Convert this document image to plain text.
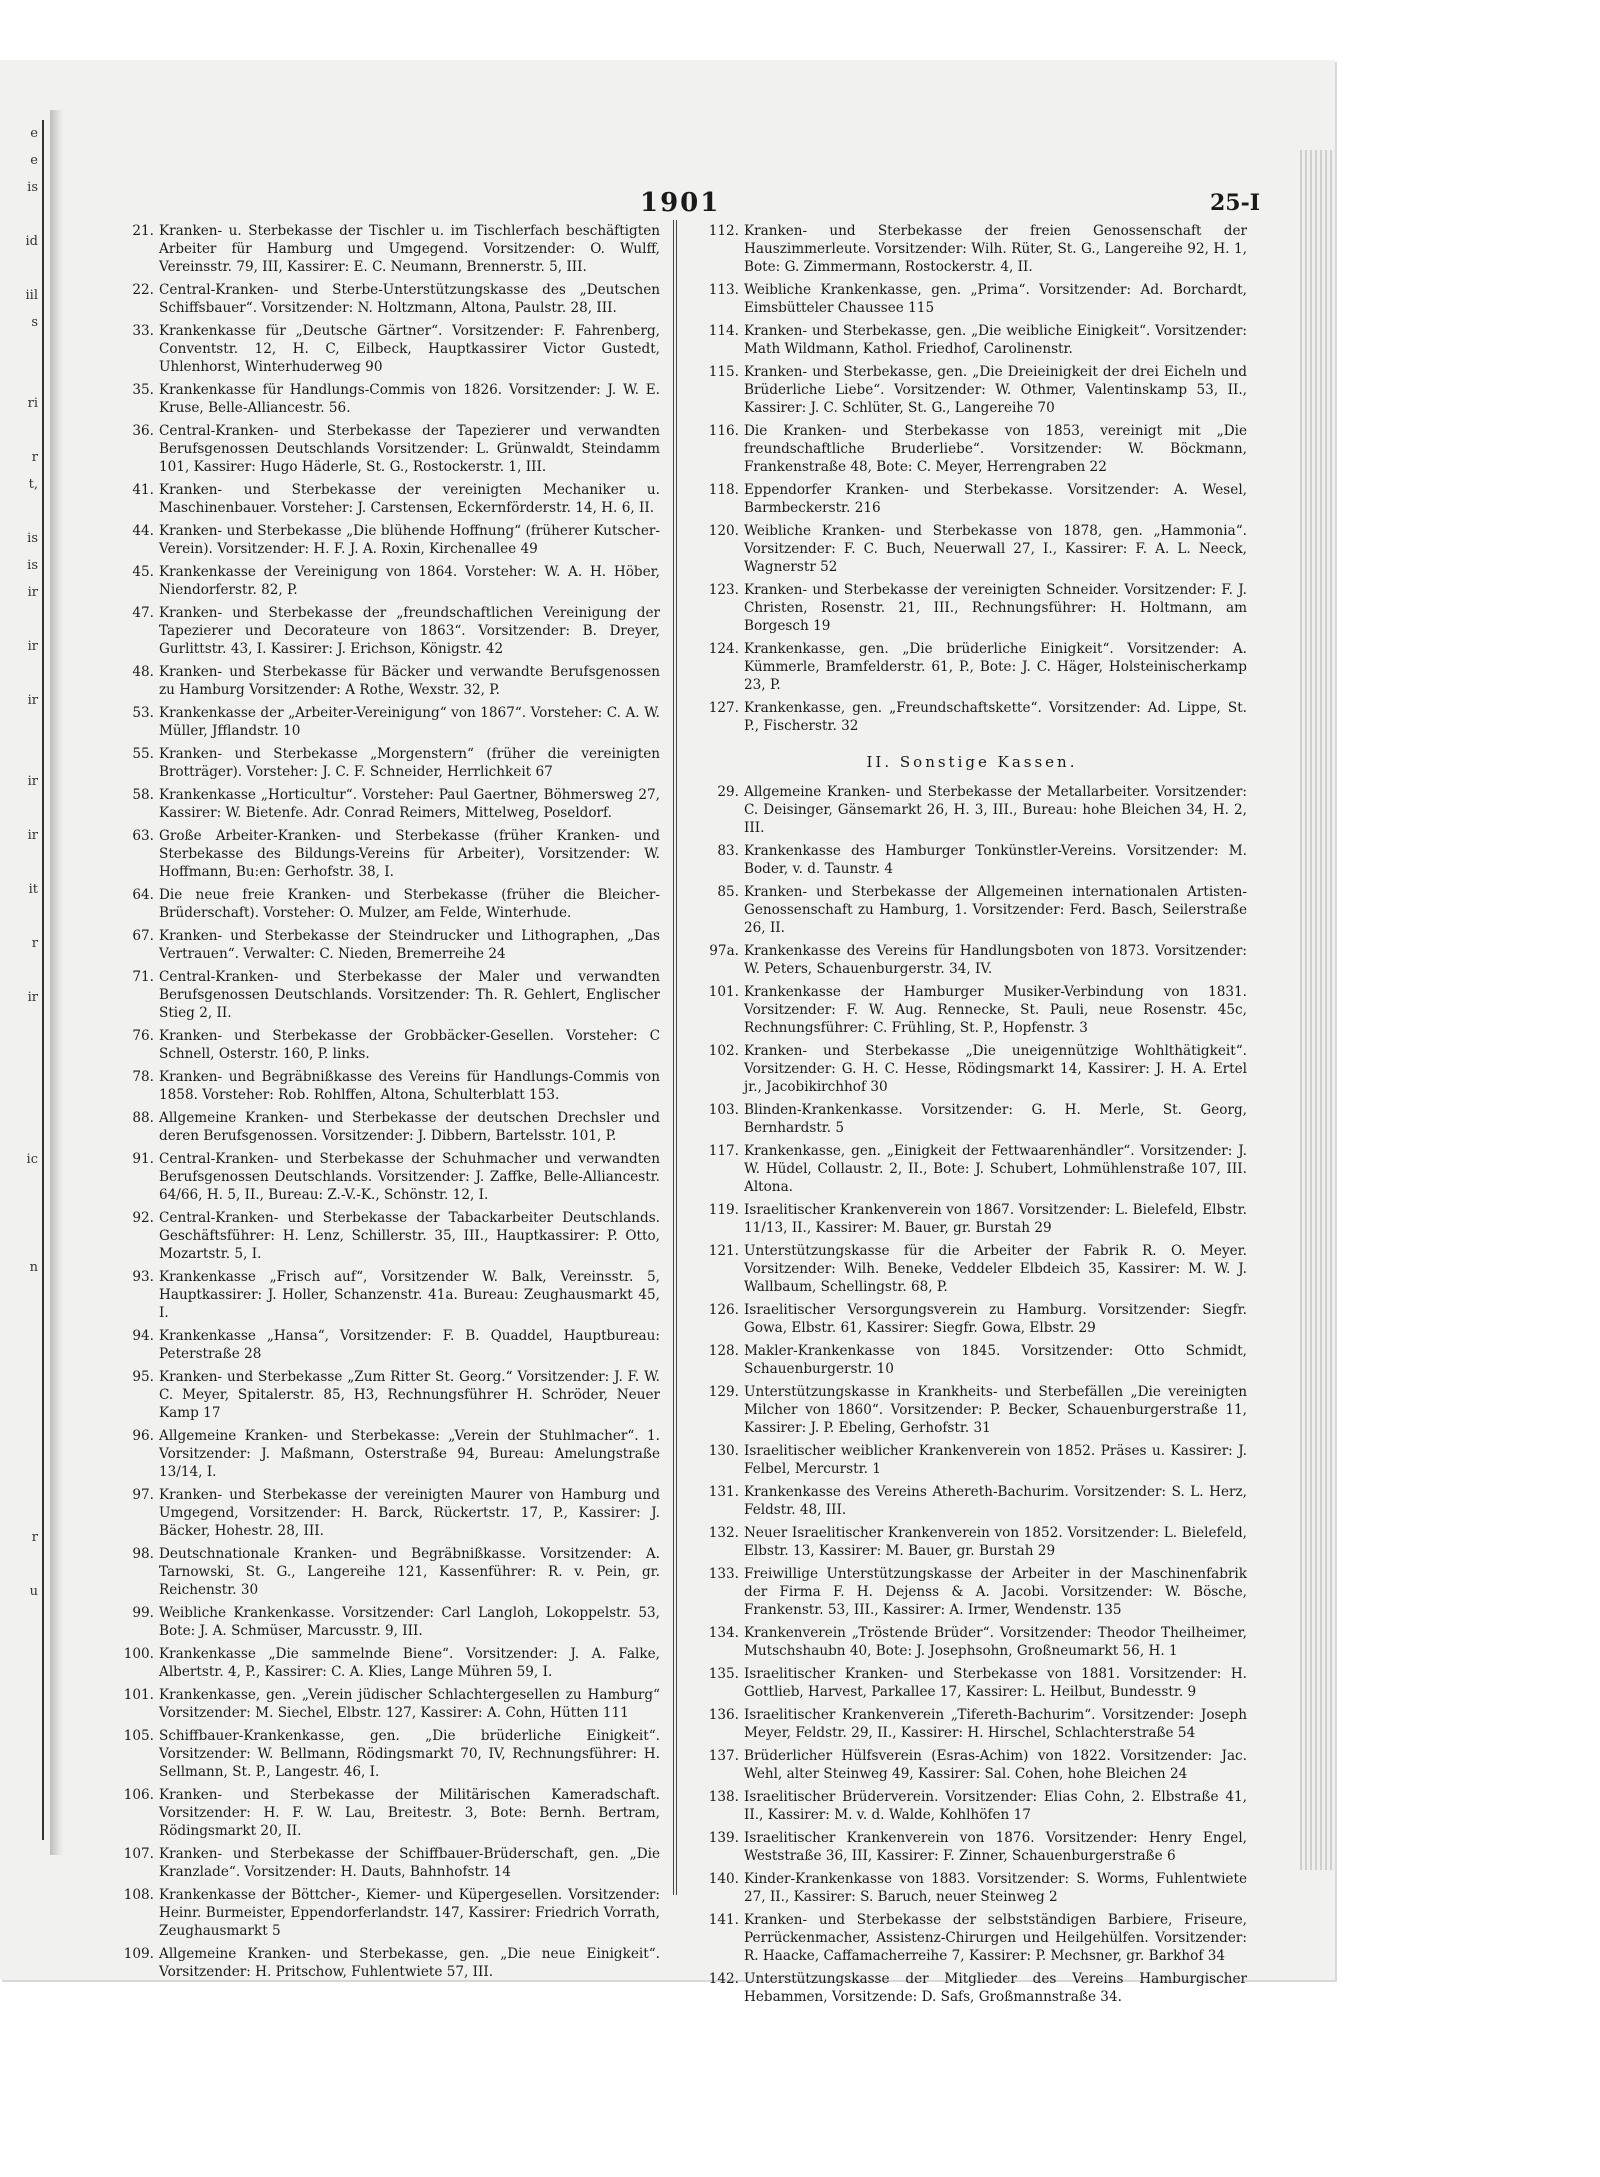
e
e
is
id
iil
s
ri
r
t,
is
is
ir
ir
ir
ir
ir
it
r
ir
ic
n
r
u
1901	25-I
21. Kranken- u. Sterbekasse der Tischler u. im Tischlerfach beschäftigten Arbeiter für Hamburg und Umgegend. Vorsitzender: O. Wulff, Vereinsstr. 79, III, Kassirer: E. C. Neumann, Brennerstr. 5, III.
22. Central-Kranken- und Sterbe-Unterstützungskasse des „Deutschen Schiffsbauer“. Vorsitzender: N. Holtzmann, Altona, Paulstr. 28, III.
33. Krankenkasse für „Deutsche Gärtner“. Vorsitzender: F. Fahrenberg, Conventstr. 12, H. C, Eilbeck, Hauptkassirer Victor Gustedt, Uhlenhorst, Winterhuderweg 90
35. Krankenkasse für Handlungs-Commis von 1826. Vorsitzender: J. W. E. Kruse, Belle-Alliancestr. 56.
36. Central-Kranken- und Sterbekasse der Tapezierer und verwandten Berufsgenossen Deutschlands Vorsitzender: L. Grünwaldt, Steindamm 101, Kassirer: Hugo Häderle, St. G., Rostockerstr. 1, III.
41. Kranken- und Sterbekasse der vereinigten Mechaniker u. Maschinenbauer. Vorsteher: J. Carstensen, Eckernförderstr. 14, H. 6, II.
44. Kranken- und Sterbekasse „Die blühende Hoffnung“ (früherer Kutscher-Verein). Vorsitzender: H. F. J. A. Roxin, Kirchenallee 49
45. Krankenkasse der Vereinigung von 1864. Vorsteher: W. A. H. Höber, Niendorferstr. 82, P.
47. Kranken- und Sterbekasse der „freundschaftlichen Vereinigung der Tapezierer und Decorateure von 1863“. Vorsitzender: B. Dreyer, Gurlittstr. 43, I. Kassirer: J. Erichson, Königstr. 42
48. Kranken- und Sterbekasse für Bäcker und verwandte Berufsgenossen zu Hamburg Vorsitzender: A Rothe, Wexstr. 32, P.
53. Krankenkasse der „Arbeiter-Vereinigung“ von 1867“. Vorsteher: C. A. W. Müller, Jfflandstr. 10
55. Kranken- und Sterbekasse „Morgenstern“ (früher die vereinigten Brotträger). Vorsteher: J. C. F. Schneider, Herrlichkeit 67
58. Krankenkasse „Horticultur“. Vorsteher: Paul Gaertner, Böhmersweg 27, Kassirer: W. Bietenfe. Adr. Conrad Reimers, Mittelweg, Poseldorf.
63. Große Arbeiter-Kranken- und Sterbekasse (früher Kranken- und Sterbekasse des Bildungs-Vereins für Arbeiter), Vorsitzender: W. Hoffmann, Bu:en: Gerhofstr. 38, I.
64. Die neue freie Kranken- und Sterbekasse (früher die Bleicher-Brüderschaft). Vorsteher: O. Mulzer, am Felde, Winterhude.
67. Kranken- und Sterbekasse der Steindrucker und Lithographen, „Das Vertrauen“. Verwalter: C. Nieden, Bremerreihe 24
71. Central-Kranken- und Sterbekasse der Maler und verwandten Berufsgenossen Deutschlands. Vorsitzender: Th. R. Gehlert, Englischer Stieg 2, II.
76. Kranken- und Sterbekasse der Grobbäcker-Gesellen. Vorsteher: C Schnell, Osterstr. 160, P. links.
78. Kranken- und Begräbnißkasse des Vereins für Handlungs-Commis von 1858. Vorsteher: Rob. Rohlffen, Altona, Schulterblatt 153.
88. Allgemeine Kranken- und Sterbekasse der deutschen Drechsler und deren Berufsgenossen. Vorsitzender: J. Dibbern, Bartelsstr. 101, P.
91. Central-Kranken- und Sterbekasse der Schuhmacher und verwandten Berufsgenossen Deutschlands. Vorsitzender: J. Zaffke, Belle-Alliancestr. 64/66, H. 5, II., Bureau: Z.-V.-K., Schönstr. 12, I.
92. Central-Kranken- und Sterbekasse der Tabackarbeiter Deutschlands. Geschäftsführer: H. Lenz, Schillerstr. 35, III., Hauptkassirer: P. Otto, Mozartstr. 5, I.
93. Krankenkasse „Frisch auf“, Vorsitzender W. Balk, Vereinsstr. 5, Hauptkassirer: J. Holler, Schanzenstr. 41a. Bureau: Zeughausmarkt 45, I.
94. Krankenkasse „Hansa“, Vorsitzender: F. B. Quaddel, Hauptbureau: Peterstraße 28
95. Kranken- und Sterbekasse „Zum Ritter St. Georg.“ Vorsitzender: J. F. W. C. Meyer, Spitalerstr. 85, H3, Rechnungsführer H. Schröder, Neuer Kamp 17
96. Allgemeine Kranken- und Sterbekasse: „Verein der Stuhlmacher“. 1. Vorsitzender: J. Maßmann, Osterstraße 94, Bureau: Amelungstraße 13/14, I.
97. Kranken- und Sterbekasse der vereinigten Maurer von Hamburg und Umgegend, Vorsitzender: H. Barck, Rückertstr. 17, P., Kassirer: J. Bäcker, Hohestr. 28, III.
98. Deutschnationale Kranken- und Begräbnißkasse. Vorsitzender: A. Tarnowski, St. G., Langereihe 121, Kassenführer: R. v. Pein, gr. Reichenstr. 30
99. Weibliche Krankenkasse. Vorsitzender: Carl Langloh, Lokoppelstr. 53, Bote: J. A. Schmüser, Marcusstr. 9, III.
100. Krankenkasse „Die sammelnde Biene“. Vorsitzender: J. A. Falke, Albertstr. 4, P., Kassirer: C. A. Klies, Lange Mühren 59, I.
101. Krankenkasse, gen. „Verein jüdischer Schlachtergesellen zu Hamburg“ Vorsitzender: M. Siechel, Elbstr. 127, Kassirer: A. Cohn, Hütten 111
105. Schiffbauer-Krankenkasse, gen. „Die brüderliche Einigkeit“. Vorsitzender: W. Bellmann, Rödingsmarkt 70, IV, Rechnungsführer: H. Sellmann, St. P., Langestr. 46, I.
106. Kranken- und Sterbekasse der Militärischen Kameradschaft. Vorsitzender: H. F. W. Lau, Breitestr. 3, Bote: Bernh. Bertram, Rödingsmarkt 20, II.
107. Kranken- und Sterbekasse der Schiffbauer-Brüderschaft, gen. „Die Kranzlade“. Vorsitzender: H. Dauts, Bahnhofstr. 14
108. Krankenkasse der Böttcher-, Kiemer- und Küpergesellen. Vorsitzender: Heinr. Burmeister, Eppendorferlandstr. 147, Kassirer: Friedrich Vorrath, Zeughausmarkt 5
109. Allgemeine Kranken- und Sterbekasse, gen. „Die neue Einigkeit“. Vorsitzender: H. Pritschow, Fuhlentwiete 57, III.
112. Kranken- und Sterbekasse der freien Genossenschaft der Hauszimmerleute. Vorsitzender: Wilh. Rüter, St. G., Langereihe 92, H. 1, Bote: G. Zimmermann, Rostockerstr. 4, II.
113. Weibliche Krankenkasse, gen. „Prima“. Vorsitzender: Ad. Borchardt, Eimsbütteler Chaussee 115
114. Kranken- und Sterbekasse, gen. „Die weibliche Einigkeit“. Vorsitzender: Math Wildmann, Kathol. Friedhof, Carolinenstr.
115. Kranken- und Sterbekasse, gen. „Die Dreieinigkeit der drei Eicheln und Brüderliche Liebe“. Vorsitzender: W. Othmer, Valentinskamp 53, II., Kassirer: J. C. Schlüter, St. G., Langereihe 70
116. Die Kranken- und Sterbekasse von 1853, vereinigt mit „Die freundschaftliche Bruderliebe“. Vorsitzender: W. Böckmann, Frankenstraße 48, Bote: C. Meyer, Herrengraben 22
118. Eppendorfer Kranken- und Sterbekasse. Vorsitzender: A. Wesel, Barmbeckerstr. 216
120. Weibliche Kranken- und Sterbekasse von 1878, gen. „Hammonia“. Vorsitzender: F. C. Buch, Neuerwall 27, I., Kassirer: F. A. L. Neeck, Wagnerstr 52
123. Kranken- und Sterbekasse der vereinigten Schneider. Vorsitzender: F. J. Christen, Rosenstr. 21, III., Rechnungsführer: H. Holtmann, am Borgesch 19
124. Krankenkasse, gen. „Die brüderliche Einigkeit“. Vorsitzender: A. Kümmerle, Bramfelderstr. 61, P., Bote: J. C. Häger, Holsteinischerkamp 23, P.
127. Krankenkasse, gen. „Freundschaftskette“. Vorsitzender: Ad. Lippe, St. P., Fischerstr. 32
II. Sonstige Kassen.
29. Allgemeine Kranken- und Sterbekasse der Metallarbeiter. Vorsitzender: C. Deisinger, Gänsemarkt 26, H. 3, III., Bureau: hohe Bleichen 34, H. 2, III.
83. Krankenkasse des Hamburger Tonkünstler-Vereins. Vorsitzender: M. Boder, v. d. Taunstr. 4
85. Kranken- und Sterbekasse der Allgemeinen internationalen Artisten-Genossenschaft zu Hamburg, 1. Vorsitzender: Ferd. Basch, Seilerstraße 26, II.
97a. Krankenkasse des Vereins für Handlungsboten von 1873. Vorsitzender: W. Peters, Schauenburgerstr. 34, IV.
101. Krankenkasse der Hamburger Musiker-Verbindung von 1831. Vorsitzender: F. W. Aug. Rennecke, St. Pauli, neue Rosenstr. 45c, Rechnungsführer: C. Frühling, St. P., Hopfenstr. 3
102. Kranken- und Sterbekasse „Die uneigennützige Wohlthätigkeit“. Vorsitzender: G. H. C. Hesse, Rödingsmarkt 14, Kassirer: J. H. A. Ertel jr., Jacobikirchhof 30
103. Blinden-Krankenkasse. Vorsitzender: G. H. Merle, St. Georg, Bernhardstr. 5
117. Krankenkasse, gen. „Einigkeit der Fettwaarenhändler“. Vorsitzender: J. W. Hüdel, Collaustr. 2, II., Bote: J. Schubert, Lohmühlenstraße 107, III. Altona.
119. Israelitischer Krankenverein von 1867. Vorsitzender: L. Bielefeld, Elbstr. 11/13, II., Kassirer: M. Bauer, gr. Burstah 29
121. Unterstützungskasse für die Arbeiter der Fabrik R. O. Meyer. Vorsitzender: Wilh. Beneke, Veddeler Elbdeich 35, Kassirer: M. W. J. Wallbaum, Schellingstr. 68, P.
126. Israelitischer Versorgungsverein zu Hamburg. Vorsitzender: Siegfr. Gowa, Elbstr. 61, Kassirer: Siegfr. Gowa, Elbstr. 29
128. Makler-Krankenkasse von 1845. Vorsitzender: Otto Schmidt, Schauenburgerstr. 10
129. Unterstützungskasse in Krankheits- und Sterbefällen „Die vereinigten Milcher von 1860“. Vorsitzender: P. Becker, Schauenburgerstraße 11, Kassirer: J. P. Ebeling, Gerhofstr. 31
130. Israelitischer weiblicher Krankenverein von 1852. Präses u. Kassirer: J. Felbel, Mercurstr. 1
131. Krankenkasse des Vereins Athereth-Bachurim. Vorsitzender: S. L. Herz, Feldstr. 48, III.
132. Neuer Israelitischer Krankenverein von 1852. Vorsitzender: L. Bielefeld, Elbstr. 13, Kassirer: M. Bauer, gr. Burstah 29
133. Freiwillige Unterstützungskasse der Arbeiter in der Maschinenfabrik der Firma F. H. Dejenss & A. Jacobi. Vorsitzender: W. Bösche, Frankenstr. 53, III., Kassirer: A. Irmer, Wendenstr. 135
134. Krankenverein „Tröstende Brüder“. Vorsitzender: Theodor Theilheimer, Mutschshaubn 40, Bote: J. Josephsohn, Großneumarkt 56, H. 1
135. Israelitischer Kranken- und Sterbekasse von 1881. Vorsitzender: H. Gottlieb, Harvest, Parkallee 17, Kassirer: L. Heilbut, Bundesstr. 9
136. Israelitischer Krankenverein „Tifereth-Bachurim“. Vorsitzender: Joseph Meyer, Feldstr. 29, II., Kassirer: H. Hirschel, Schlachterstraße 54
137. Brüderlicher Hülfsverein (Esras-Achim) von 1822. Vorsitzender: Jac. Wehl, alter Steinweg 49, Kassirer: Sal. Cohen, hohe Bleichen 24
138. Israelitischer Brüderverein. Vorsitzender: Elias Cohn, 2. Elbstraße 41, II., Kassirer: M. v. d. Walde, Kohlhöfen 17
139. Israelitischer Krankenverein von 1876. Vorsitzender: Henry Engel, Weststraße 36, III, Kassirer: F. Zinner, Schauenburgerstraße 6
140. Kinder-Krankenkasse von 1883. Vorsitzender: S. Worms, Fuhlentwiete 27, II., Kassirer: S. Baruch, neuer Steinweg 2
141. Kranken- und Sterbekasse der selbstständigen Barbiere, Friseure, Perrückenmacher, Assistenz-Chirurgen und Heilgehülfen. Vorsitzender: R. Haacke, Caffamacherreihe 7, Kassirer: P. Mechsner, gr. Barkhof 34
142. Unterstützungskasse der Mitglieder des Vereins Hamburgischer Hebammen, Vorsitzende: D. Safs, Großmannstraße 34.
